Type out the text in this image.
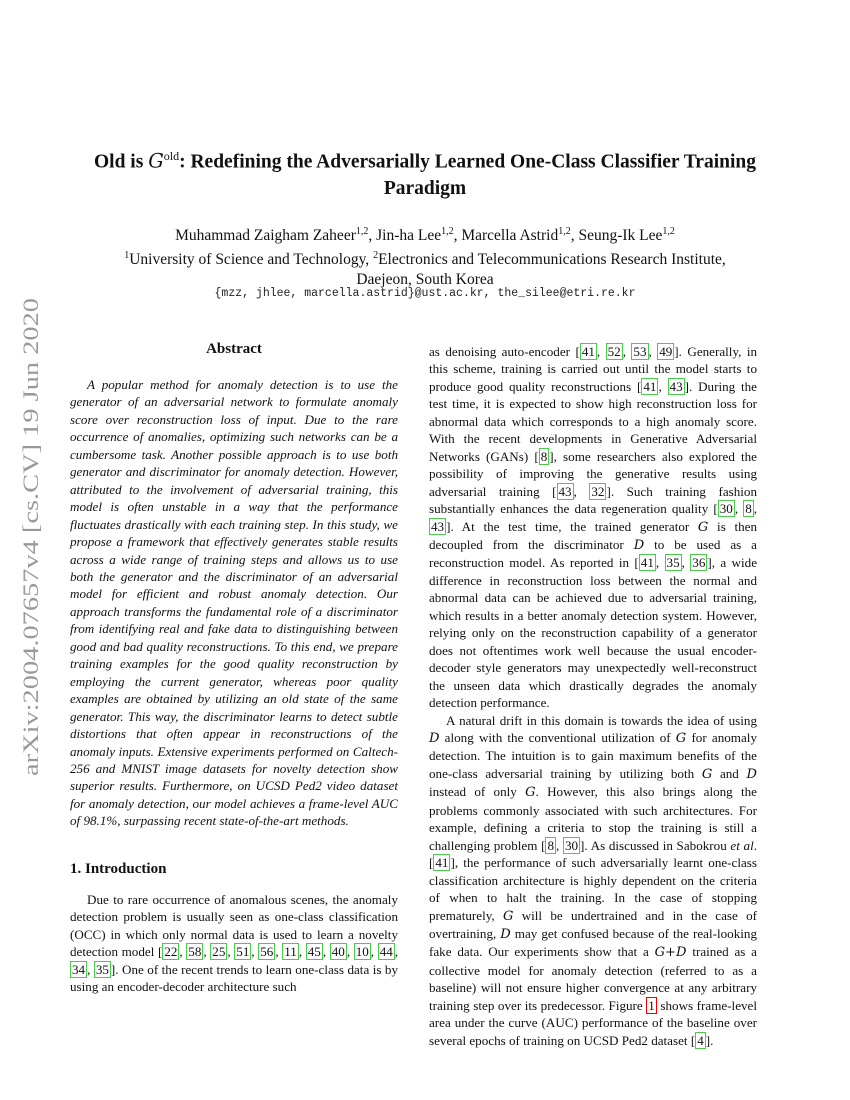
arXiv:2004.07657v4 [cs.CV] 19 Jun 2020
Old is $G^{old}$: Redefining the Adversarially Learned One-Class Classifier Training Paradigm
Muhammad Zaigham Zaheer$^{1,2}$, Jin-ha Lee$^{1,2}$, Marcella Astrid$^{1,2}$, Seung-Ik Lee$^{1,2}$
$^1$University of Science and Technology, $^2$Electronics and Telecommunications Research Institute,
Daejeon, South Korea
{mzz, jhlee, marcella.astrid}@ust.ac.kr, the_silee@etri.re.kr
Abstract

A popular method for anomaly detection is to use the generator of an adversarial network to formulate anomaly score over reconstruction loss of input. Due to the rare occurrence of anomalies, optimizing such networks can be a cumbersome task. Another possible approach is to use both generator and discriminator for anomaly detection. However, attributed to the involvement of adversarial training, this model is often unstable in a way that the performance fluctuates drastically with each training step. In this study, we propose a framework that effectively generates stable results across a wide range of training steps and allows us to use both the generator and the discriminator of an adversarial model for efficient and robust anomaly detection. Our approach transforms the fundamental role of a discriminator from identifying real and fake data to distinguishing between good and bad quality reconstructions. To this end, we prepare training examples for the good quality reconstruction by employing the current generator, whereas poor quality examples are obtained by utilizing an old state of the same generator. This way, the discriminator learns to detect subtle distortions that often appear in reconstructions of the anomaly inputs. Extensive experiments performed on Caltech-256 and MNIST image datasets for novelty detection show superior results. Furthermore, on UCSD Ped2 video dataset for anomaly detection, our model achieves a frame-level AUC of 98.1%, surpassing recent state-of-the-art methods.

1. Introduction

Due to rare occurrence of anomalous scenes, the anomaly detection problem is usually seen as one-class classification (OCC) in which only normal data is used to learn a novelty detection model [ 22 , 58 , 25 , 51 , 56 , 11 , 45 , 40 , 10 , 44 , 34 , 35 ]. One of the recent trends to learn one-class data is by using an encoder-decoder architecture such

as denoising auto-encoder [ 41 , 52 , 53 , 49 ]. Generally, in this scheme, training is carried out until the model starts to produce good quality reconstructions [ 41 , 43 ]. During the test time, it is expected to show high reconstruction loss for abnormal data which corresponds to a high anomaly score. With the recent developments in Generative Adversarial Networks (GANs) [ 8 ], some researchers also explored the possibility of improving the generative results using adversarial training [ 43 , 32 ]. Such training fashion substantially enhances the data regeneration quality [ 30 , 8 , 43 ]. At the test time, the trained generator G is then decoupled from the discriminator D to be used as a reconstruction model. As reported in [ 41 , 35 , 36 ], a wide difference in reconstruction loss between the normal and abnormal data can be achieved due to adversarial training, which results in a better anomaly detection system. However, relying only on the reconstruction capability of a generator does not oftentimes work well because the usual encoder-decoder style generators may unexpectedly well-reconstruct the unseen data which drastically degrades the anomaly detection performance.

A natural drift in this domain is towards the idea of using D along with the conventional utilization of G for anomaly detection. The intuition is to gain maximum benefits of the one-class adversarial training by utilizing both G and D instead of only G. However, this also brings along the problems commonly associated with such architectures. For example, defining a criteria to stop the training is still a challenging problem [ 8 , 30 ]. As discussed in Sabokrou et al. [ 41 ], the performance of such adversarially learnt one-class classification architecture is highly dependent on the criteria of when to halt the training. In the case of stopping prematurely, G will be undertrained and in the case of overtraining, D may get confused because of the real-looking fake data. Our experiments show that a G+D trained as a collective model for anomaly detection (referred to as a baseline) will not ensure higher convergence at any arbitrary training step over its predecessor. Figure 1 shows frame-level area under the curve (AUC) performance of the baseline over several epochs of training on UCSD Ped2 dataset [ 4 ].
